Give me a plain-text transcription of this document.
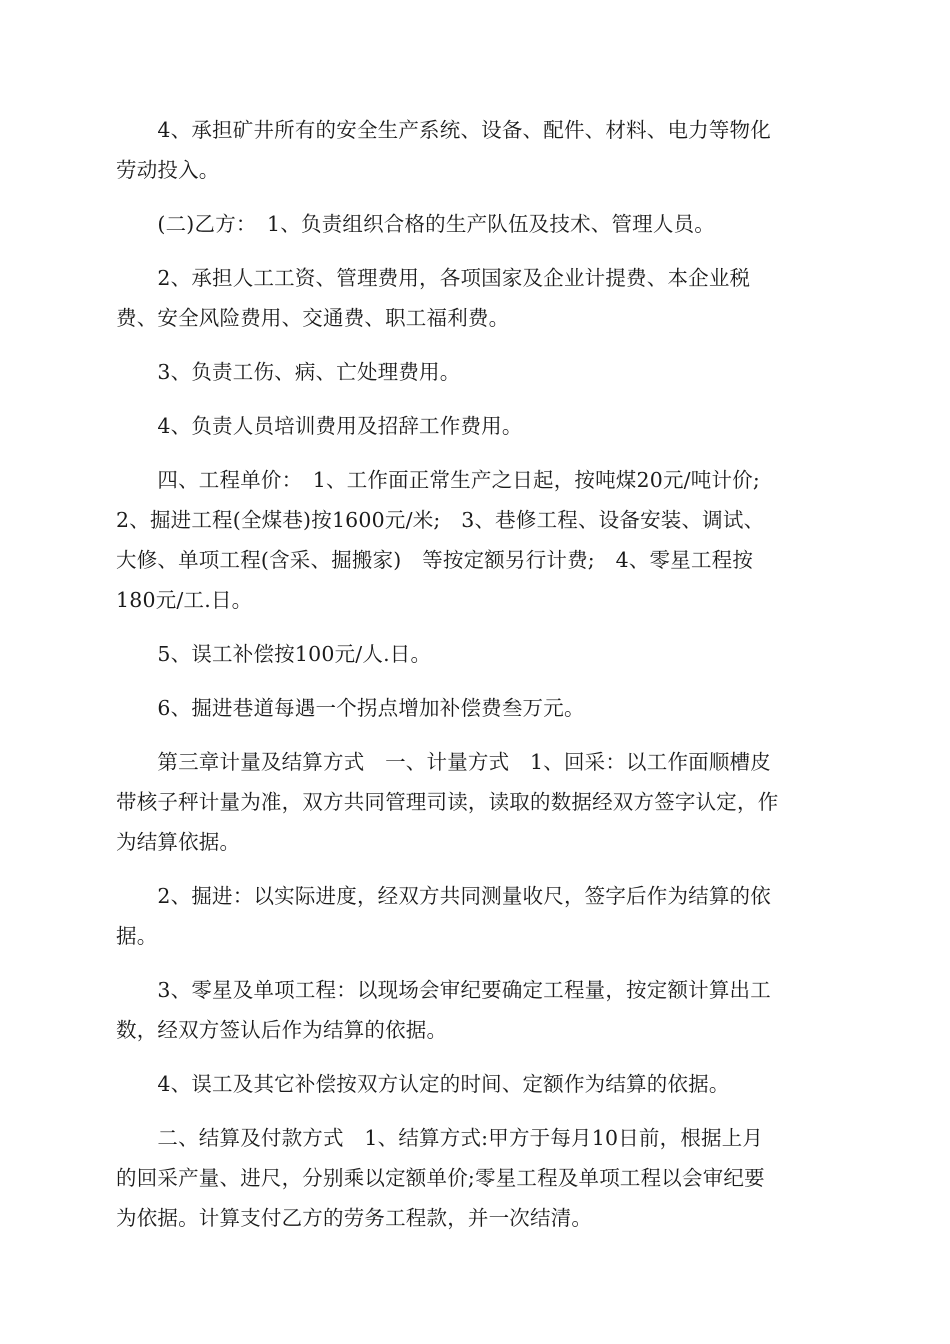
　　4、承担矿井所有的安全生产系统、设备、配件、材料、电力等物化
劳动投入。

　　(二)乙方：　1、负责组织合格的生产队伍及技术、管理人员。

　　2、承担人工工资、管理费用，各项国家及企业计提费、本企业税
费、安全风险费用、交通费、职工福利费。

　　3、负责工伤、病、亡处理费用。

　　4、负责人员培训费用及招辞工作费用。

　　四、工程单价：　1、工作面正常生产之日起，按吨煤20元/吨计价;
2、掘进工程(全煤巷)按1600元/米;　3、巷修工程、设备安装、调试、
大修、单项工程(含采、掘搬家)　等按定额另行计费;　4、零星工程按
180元/工.日。

　　5、误工补偿按100元/人.日。

　　6、掘进巷道每遇一个拐点增加补偿费叁万元。

　　第三章计量及结算方式　一、计量方式　1、回采：以工作面顺槽皮
带核子秤计量为准，双方共同管理司读，读取的数据经双方签字认定，作
为结算依据。

　　2、掘进：以实际进度，经双方共同测量收尺，签字后作为结算的依
据。

　　3、零星及单项工程：以现场会审纪要确定工程量，按定额计算出工
数，经双方签认后作为结算的依据。

　　4、误工及其它补偿按双方认定的时间、定额作为结算的依据。

　　二、结算及付款方式　1、结算方式:甲方于每月10日前，根据上月
的回采产量、进尺，分别乘以定额单价;零星工程及单项工程以会审纪要
为依据。计算支付乙方的劳务工程款，并一次结清。
